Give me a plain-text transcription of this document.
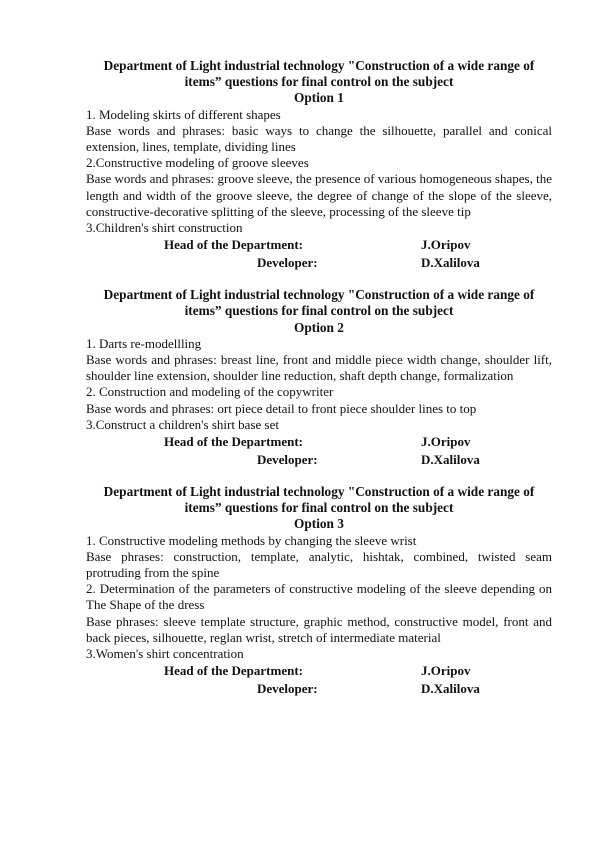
Department of Light industrial technology "Construction of a wide range of

items” questions for final control on the subject

Option 1

1. Modeling skirts of different shapes

Base words and phrases: basic ways to change the silhouette, parallel and conical extension, lines, template, dividing lines

2.Constructive modeling of groove sleeves

Base words and phrases: groove sleeve, the presence of various homogeneous shapes, the length and width of the groove sleeve, the degree of change of the slope of the sleeve, constructive-decorative splitting of the sleeve, processing of the sleeve tip

3.Children's shirt construction

Head of the Department:	J.Oripov
Developer:	D.Xalilova

Department of Light industrial technology "Construction of a wide range of

items” questions for final control on the subject

Option 2

1. Darts re-modellling

Base words and phrases: breast line, front and middle piece width change, shoulder lift, shoulder line extension, shoulder line reduction, shaft depth change, formalization

2. Construction and modeling of the copywriter

Base words and phrases: ort piece detail to front piece shoulder lines to top

3.Construct a children's shirt base set

Head of the Department:	J.Oripov
Developer:	D.Xalilova

Department of Light industrial technology "Construction of a wide range of

items” questions for final control on the subject

Option 3

1. Constructive modeling methods by changing the sleeve wrist

Base phrases: construction, template, analytic, hishtak, combined, twisted seam protruding from the spine

2. Determination of the parameters of constructive modeling of the sleeve depending on The Shape of the dress

Base phrases: sleeve template structure, graphic method, constructive model, front and back pieces, silhouette, reglan wrist, stretch of intermediate material

3.Women's shirt concentration

Head of the Department:	J.Oripov
Developer:	D.Xalilova
